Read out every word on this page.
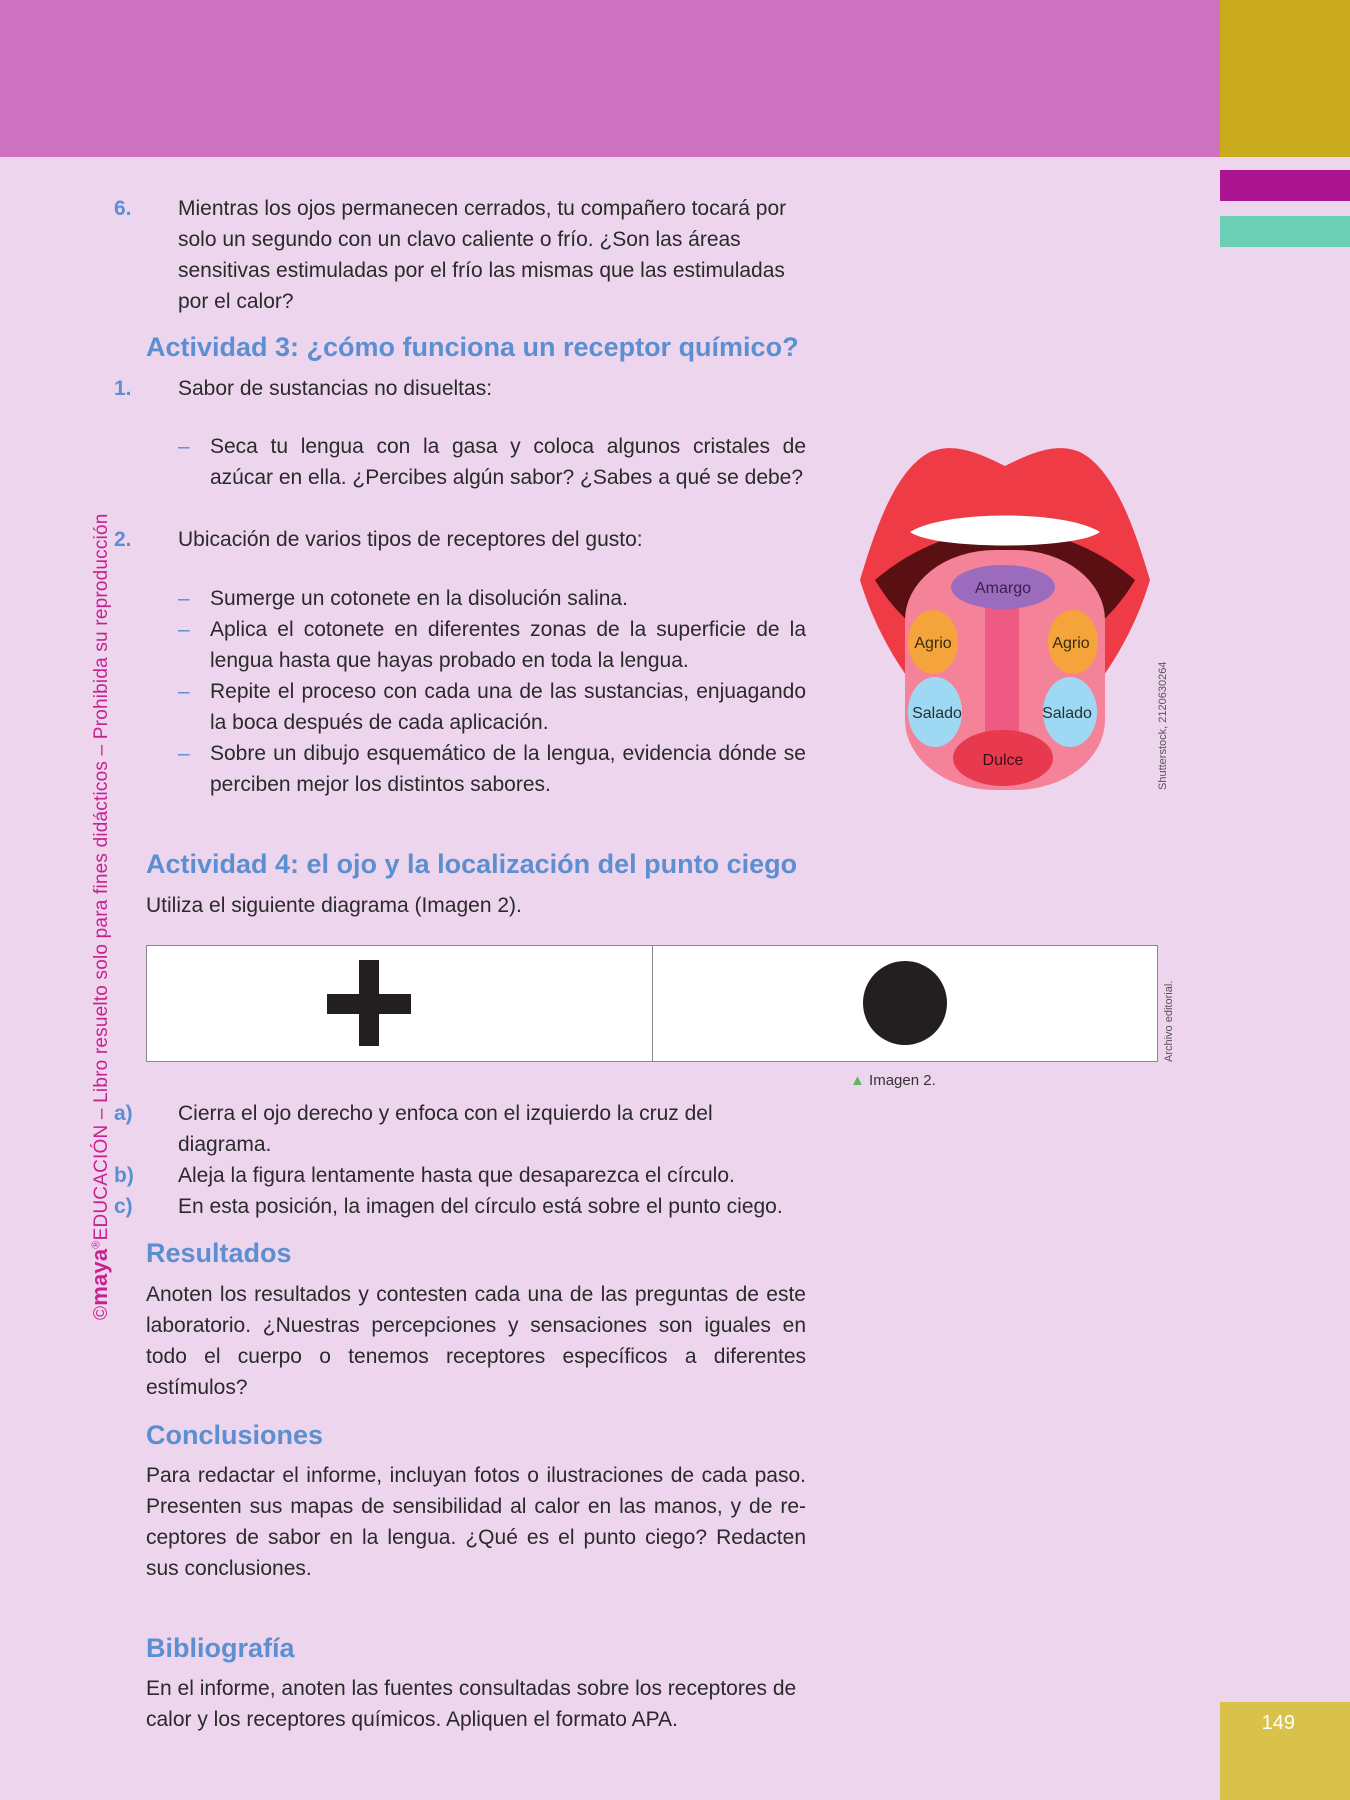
149
©maya®EDUCACIÓN – Libro resuelto solo para fines didácticos – Prohibida su reproducción

6. Mientras los ojos permanecen cerrados, tu compañero tocará por solo un segundo con un clavo caliente o frío. ¿Son las áreas sensitivas estimuladas por el frío las mismas que las estimuladas por el calor?

Actividad 3: ¿cómo funciona un receptor químico?

1. Sabor de sustancias no disueltas:

– Seca tu lengua con la gasa y coloca algunos cristales de azúcar en ella. ¿Percibes algún sabor? ¿Sabes a qué se debe?

2. Ubicación de varios tipos de receptores del gusto:

– Sumerge un cotonete en la disolución salina.
– Aplica el cotonete en diferentes zonas de la superficie de la lengua hasta que hayas probado en toda la lengua.
– Repite el proceso con cada una de las sustancias, enjuagando la boca después de cada aplicación.
– Sobre un dibujo esquemático de la lengua, evidencia dónde se perciben mejor los distintos sabores.
Amargo
Agrio	Agrio
Salado	Salado
Dulce	Shutterstock, 2120630264
Actividad 4: el ojo y la localización del punto ciego
Utiliza el siguiente diagrama (Imagen 2).
Archivo editorial.
▲ Imagen 2.

a) Cierra el ojo derecho y enfoca con el izquierdo la cruz del diagrama.

b) Aleja la figura lentamente hasta que desaparezca el círculo.

c) En esta posición, la imagen del círculo está sobre el punto ciego.

Resultados
Anoten los resultados y contesten cada una de las preguntas de este laboratorio. ¿Nuestras percepciones y sensaciones son iguales en todo el cuerpo o tenemos receptores específicos a diferentes estímulos?
Conclusiones
Para redactar el informe, incluyan fotos o ilustraciones de cada paso. Presenten sus mapas de sensibilidad al calor en las manos, y de re-ceptores de sabor en la lengua. ¿Qué es el punto ciego? Redacten sus conclusiones.
Bibliografía
En el informe, anoten las fuentes consultadas sobre los receptores de calor y los receptores químicos. Apliquen el formato APA.
